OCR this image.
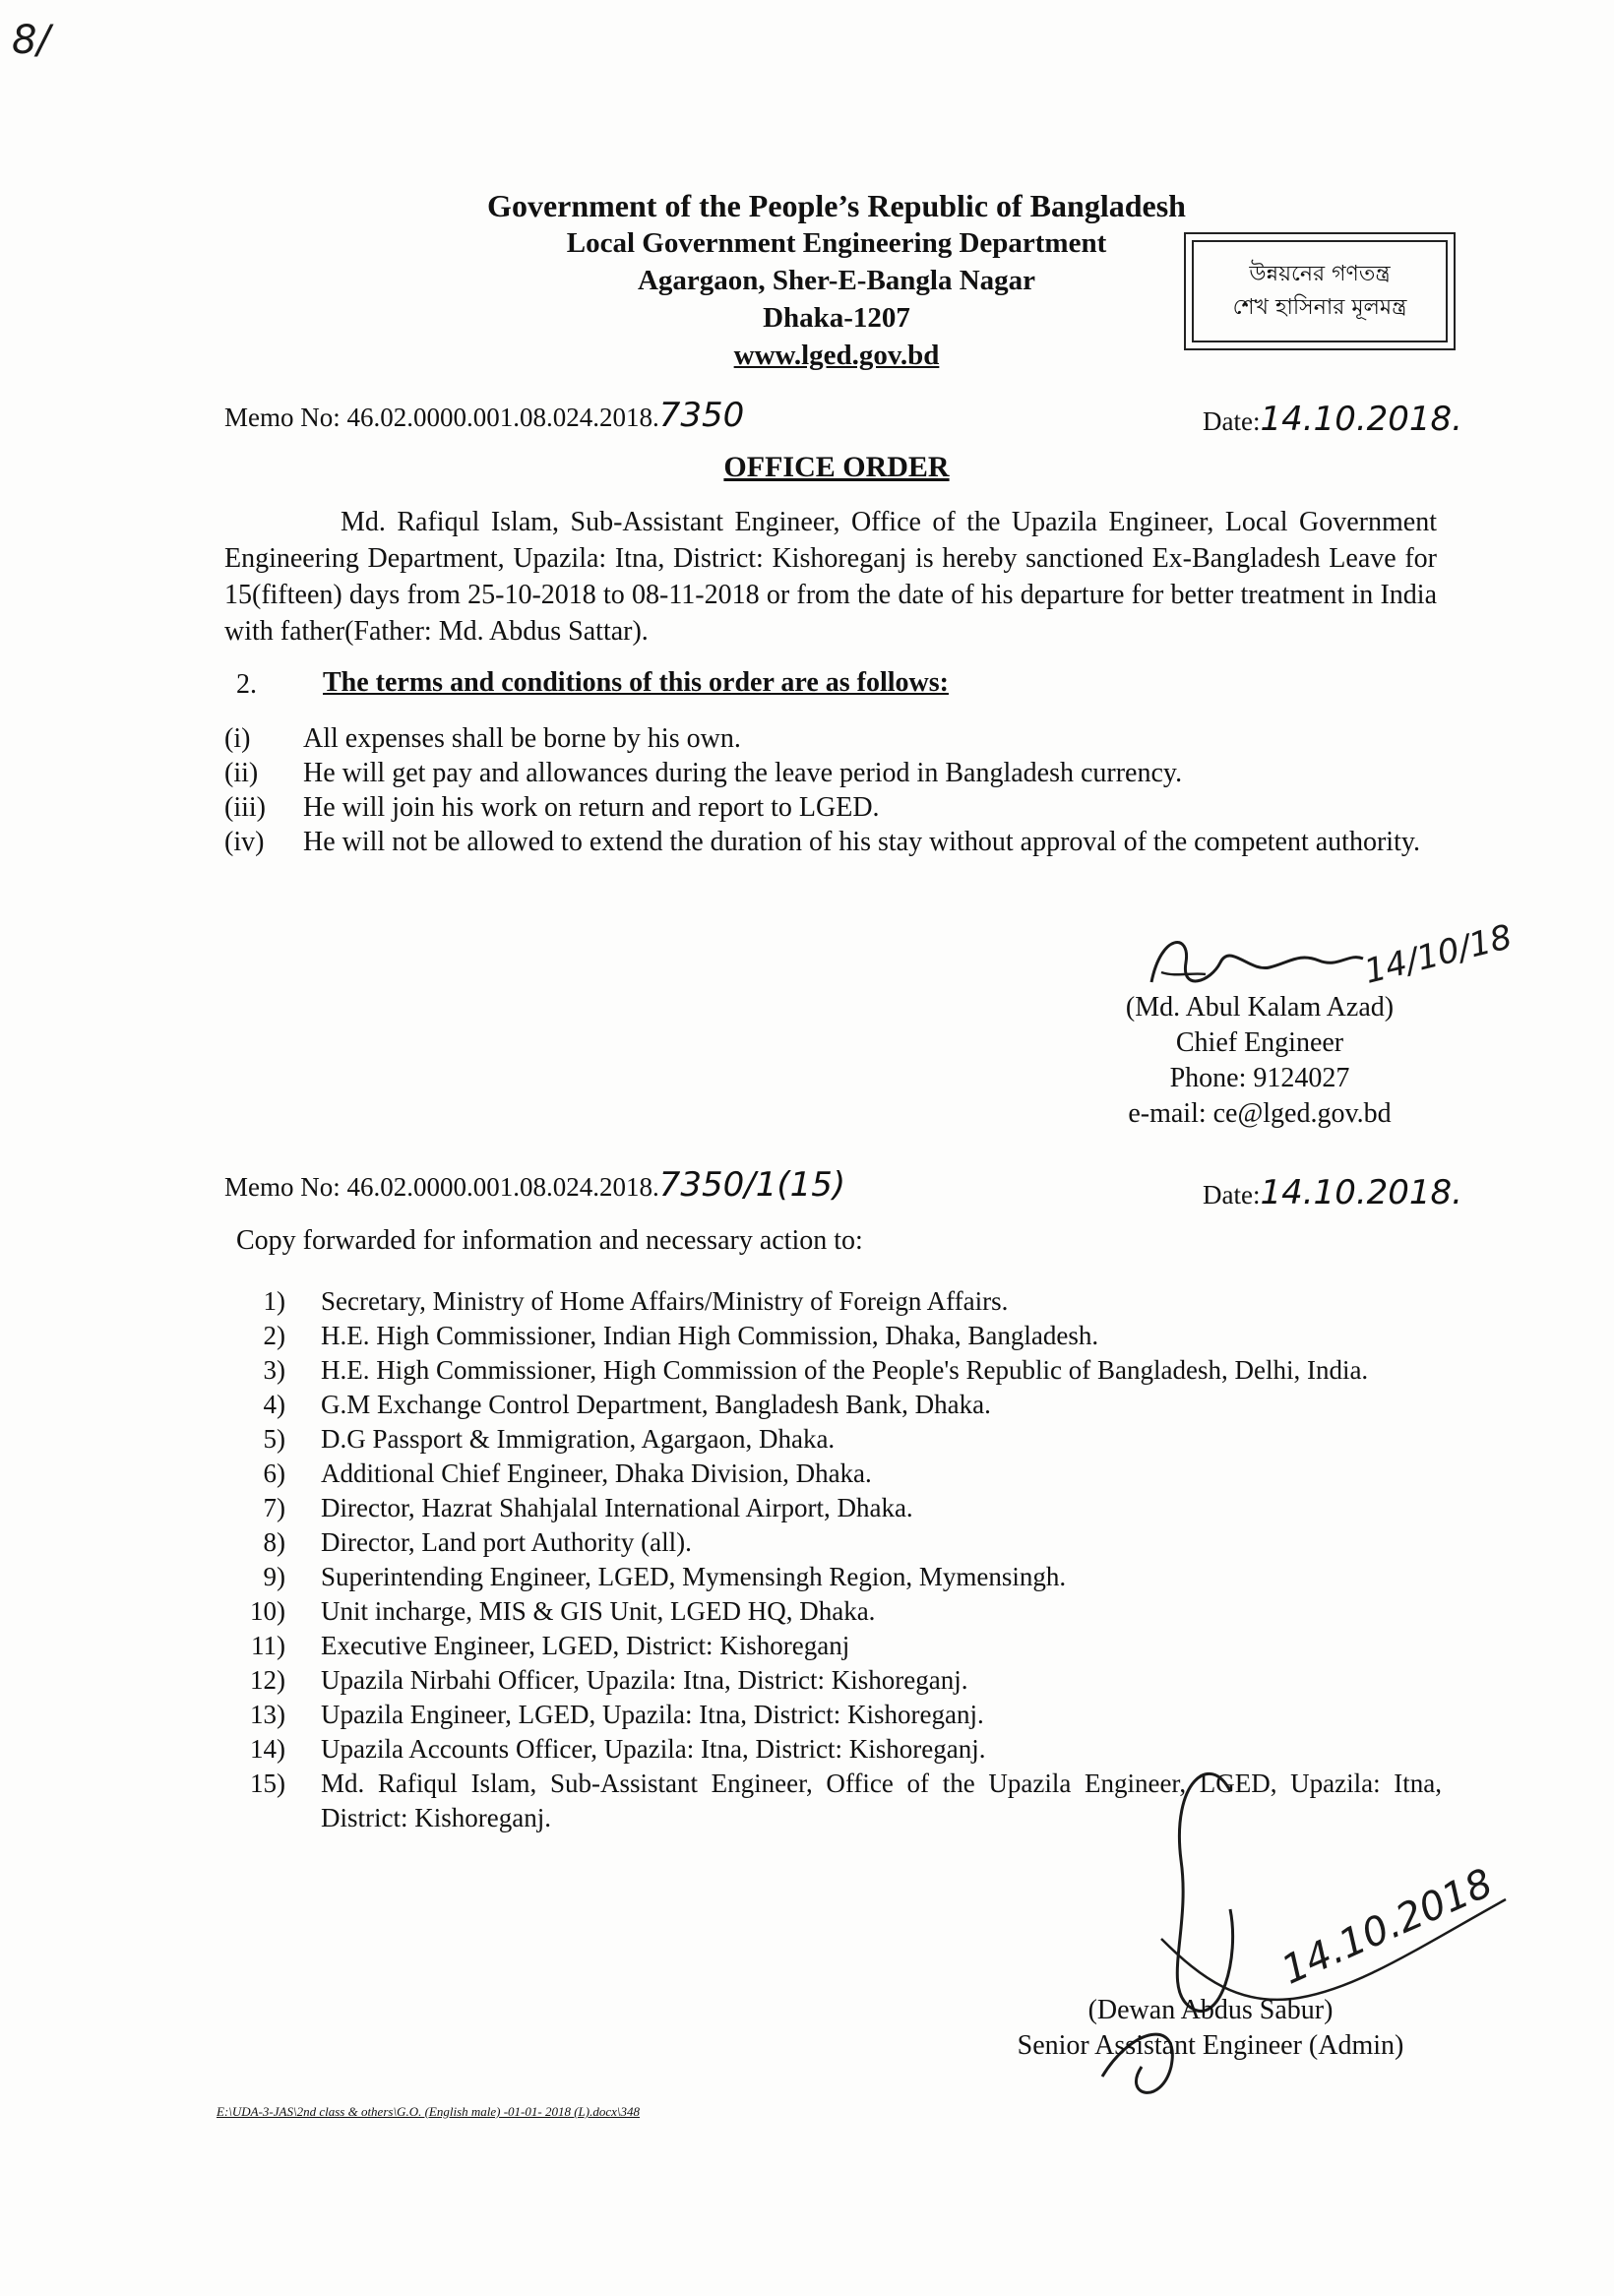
8/
Government of the People’s Republic of Bangladesh
Local Government Engineering Department
Agargaon, Sher-E-Bangla Nagar
Dhaka-1207
www.lged.gov.bd
উন্নয়নের গণতন্ত্র
শেখ হাসিনার মূলমন্ত্র
Memo No: 46.02.0000.001.08.024.2018.7350	Date:14.10.2018.
OFFICE ORDER
Md. Rafiqul Islam, Sub-Assistant Engineer, Office of the Upazila Engineer, Local Government Engineering Department, Upazila: Itna, District: Kishoreganj is hereby sanctioned Ex-Bangladesh Leave for 15(fifteen) days from 25-10-2018 to 08-11-2018 or from the date of his departure for better treatment in India with father(Father: Md. Abdus Sattar).
2.	The terms and conditions of this order are as follows:
(i)	All expenses shall be borne by his own.
(ii)	He will get pay and allowances during the leave period in Bangladesh currency.
(iii)	He will join his work on return and report to LGED.
(iv)	He will not be allowed to extend the duration of his stay without approval of the competent authority.
14/10/18
(Md. Abul Kalam Azad)
Chief Engineer
Phone: 9124027
e-mail: ce@lged.gov.bd
Memo No: 46.02.0000.001.08.024.2018.7350/1(15)	Date:14.10.2018.
Copy forwarded for information and necessary action to:
1) Secretary, Ministry of Home Affairs/Ministry of Foreign Affairs.
2) H.E. High Commissioner, Indian High Commission, Dhaka, Bangladesh.
3) H.E. High Commissioner, High Commission of the People's Republic of Bangladesh, Delhi, India.
4) G.M Exchange Control Department, Bangladesh Bank, Dhaka.
5) D.G Passport & Immigration, Agargaon, Dhaka.
6) Additional Chief Engineer, Dhaka Division, Dhaka.
7) Director, Hazrat Shahjalal International Airport, Dhaka.
8) Director, Land port Authority (all).
9) Superintending Engineer, LGED, Mymensingh Region, Mymensingh.
10) Unit incharge, MIS & GIS Unit, LGED HQ, Dhaka.
11) Executive Engineer, LGED, District: Kishoreganj
12) Upazila Nirbahi Officer, Upazila: Itna, District: Kishoreganj.
13) Upazila Engineer, LGED, Upazila: Itna, District: Kishoreganj.
14) Upazila Accounts Officer, Upazila: Itna, District: Kishoreganj.
15) Md. Rafiqul Islam, Sub-Assistant Engineer, Office of the Upazila Engineer, LGED, Upazila: Itna, District: Kishoreganj.
14.10.2018
(Dewan Abdus Sabur)
Senior Assistant Engineer (Admin)
E:\UDA-3-JAS\2nd class & others\G.O. (English male) -01-01- 2018 (L).docx\348
